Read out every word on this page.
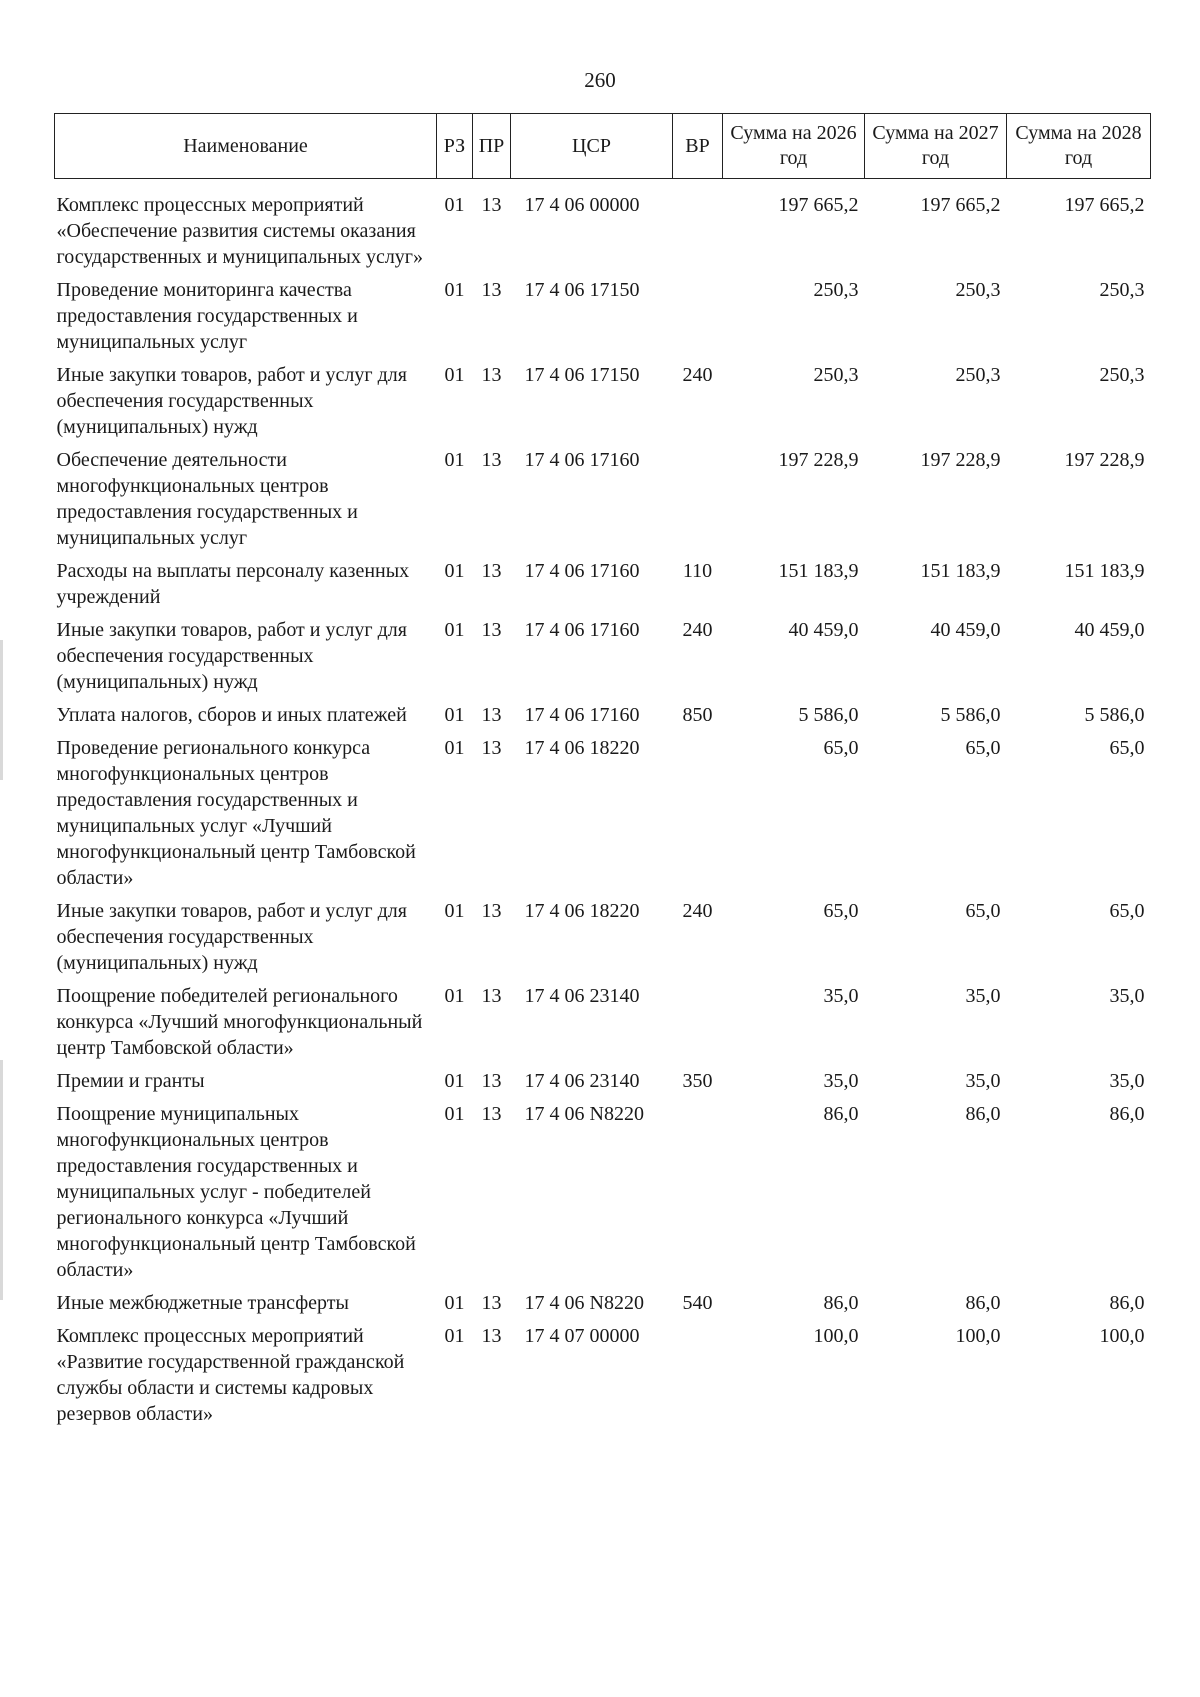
260
Наименование	РЗ	ПР	ЦСР	ВР	Сумма на 2026 год	Сумма на 2027 год	Сумма на 2028 год
Комплекс процессных мероприятий «Обеспечение развития системы оказания государственных и муниципальных услуг»	01	13	17 4 06 00000		197 665,2	197 665,2	197 665,2
Проведение мониторинга качества предоставления государственных и муниципальных услуг	01	13	17 4 06 17150		250,3	250,3	250,3
Иные закупки товаров, работ и услуг для обеспечения государственных (муниципальных) нужд	01	13	17 4 06 17150	240	250,3	250,3	250,3
Обеспечение деятельности многофункциональных центров предоставления государственных и муниципальных услуг	01	13	17 4 06 17160		197 228,9	197 228,9	197 228,9
Расходы на выплаты персоналу казенных учреждений	01	13	17 4 06 17160	110	151 183,9	151 183,9	151 183,9
Иные закупки товаров, работ и услуг для обеспечения государственных (муниципальных) нужд	01	13	17 4 06 17160	240	40 459,0	40 459,0	40 459,0
Уплата налогов, сборов и иных платежей	01	13	17 4 06 17160	850	5 586,0	5 586,0	5 586,0
Проведение регионального конкурса многофункциональных центров предоставления государственных и муниципальных услуг «Лучший многофункциональный центр Тамбовской области»	01	13	17 4 06 18220		65,0	65,0	65,0
Иные закупки товаров, работ и услуг для обеспечения государственных (муниципальных) нужд	01	13	17 4 06 18220	240	65,0	65,0	65,0
Поощрение победителей регионального конкурса «Лучший многофункциональный центр Тамбовской области»	01	13	17 4 06 23140		35,0	35,0	35,0
Премии и гранты	01	13	17 4 06 23140	350	35,0	35,0	35,0
Поощрение муниципальных многофункциональных центров предоставления государственных и муниципальных услуг - победителей регионального конкурса «Лучший многофункциональный центр Тамбовской области»	01	13	17 4 06 N8220		86,0	86,0	86,0
Иные межбюджетные трансферты	01	13	17 4 06 N8220	540	86,0	86,0	86,0
Комплекс процессных мероприятий «Развитие государственной гражданской службы области и системы кадровых резервов области»	01	13	17 4 07 00000		100,0	100,0	100,0
